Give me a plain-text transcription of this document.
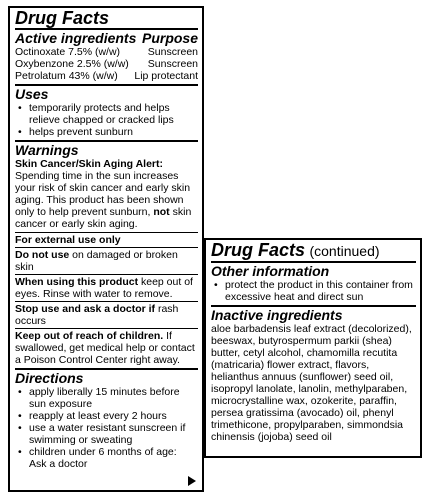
Drug Facts
Active ingredients Purpose
Octinoxate 7.5% (w/w)	Sunscreen
Oxybenzone 2.5% (w/w) Sunscreen
Petrolatum 43% (w/w) Lip protectant
Uses
• temporarily protects and helps relieve chapped or cracked lips
• helps prevent sunburn
Warnings
Skin Cancer/Skin Aging Alert: Spending time in the sun increases your risk of skin cancer and early skin aging. This product has been shown only to help prevent sunburn, not skin cancer or early skin aging.
For external use only
Do not use on damaged or broken skin
When using this product keep out of eyes. Rinse with water to remove.
Stop use and ask a doctor if rash occurs
Keep out of reach of children. If swallowed, get medical help or contact a Poison Control Center right away.
Directions
• apply liberally 15 minutes before sun exposure
• reapply at least every 2 hours
• use a water resistant sunscreen if swimming or sweating
• children under 6 months of age: Ask a doctor
Drug Facts (continued)
Other information
• protect the product in this container from excessive heat and direct sun
Inactive ingredients
aloe barbadensis leaf extract (decolorized), beeswax, butyrospermum parkii (shea) butter, cetyl alcohol, chamomilla recutita (matricaria) flower extract, flavors, helianthus annuus (sunflower) seed oil, isopropyl lanolate, lanolin, methylparaben, microcrystalline wax, ozokerite, paraffin, persea gratissima (avocado) oil, phenyl trimethicone, propylparaben, simmondsia chinensis (jojoba) seed oil
